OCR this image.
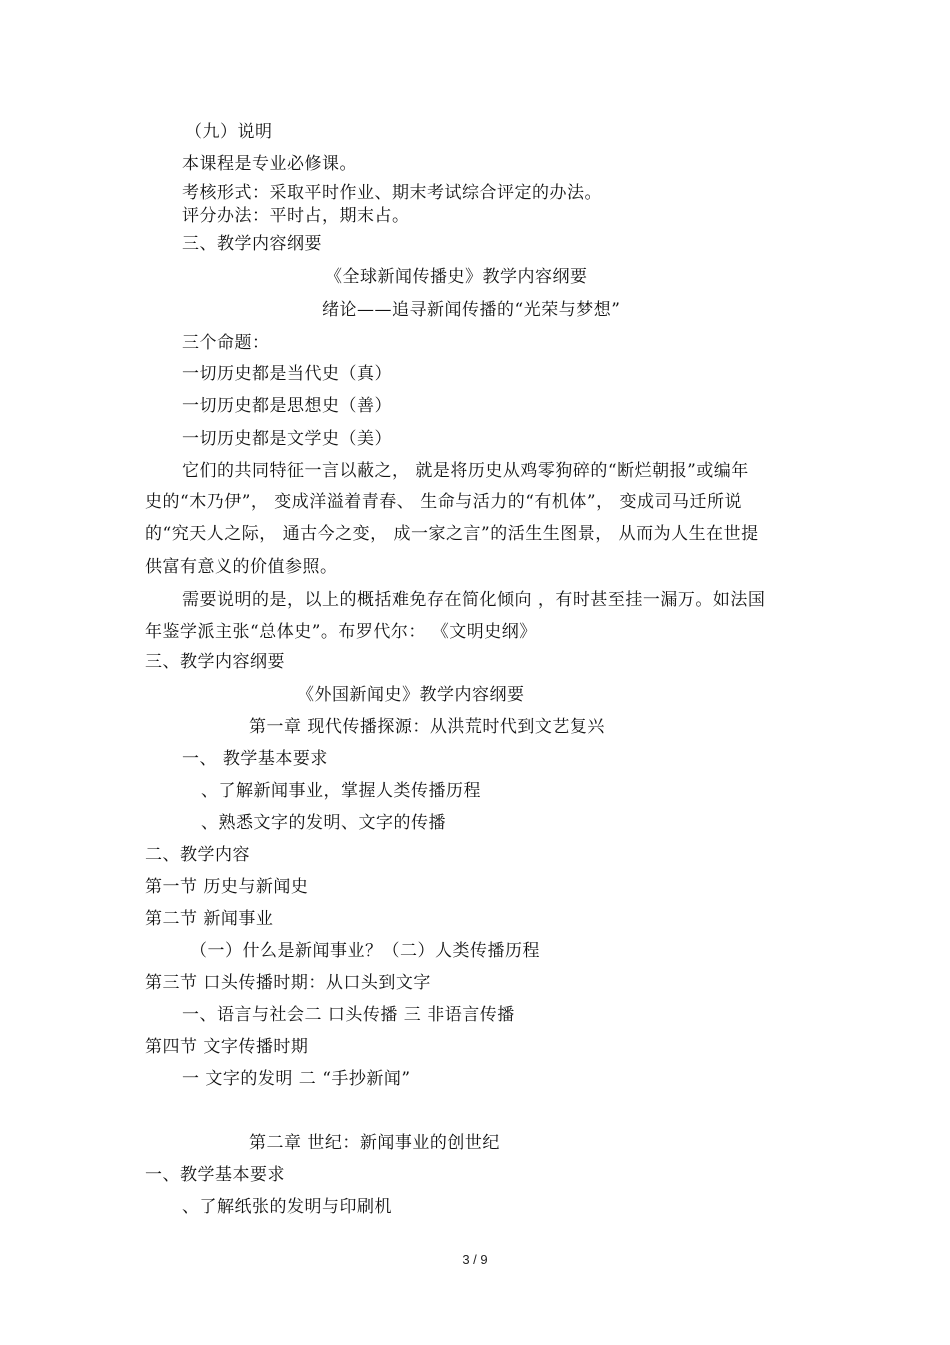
（九）说明
本课程是专业必修课。
考核形式：采取平时作业、期末考试综合评定的办法。
评分办法：平时占，期末占。
三、教学内容纲要
《全球新闻传播史》教学内容纲要
绪论——追寻新闻传播的“光荣与梦想”
三个命题：
一切历史都是当代史（真）
一切历史都是思想史（善）
一切历史都是文学史（美）
它们的共同特征一言以蔽之， 就是将历史从鸡零狗碎的“断烂朝报”或编年
史的“木乃伊”， 变成洋溢着青春、 生命与活力的“有机体”， 变成司马迁所说
的“究天人之际， 通古今之变， 成一家之言”的活生生图景， 从而为人生在世提
供富有意义的价值参照。
需要说明的是，以上的概括难免存在简化倾向 ，有时甚至挂一漏万。如法国
年鉴学派主张“总体史”。布罗代尔： 《文明史纲》
三、教学内容纲要
《外国新闻史》教学内容纲要
第一章 现代传播探源：从洪荒时代到文艺复兴
一、 教学基本要求
、了解新闻事业，掌握人类传播历程
、熟悉文字的发明、文字的传播
二、教学内容
第一节 历史与新闻史
第二节 新闻事业
（一）什么是新闻事业？（二）人类传播历程
第三节 口头传播时期：从口头到文字
一、语言与社会二 口头传播 三 非语言传播
第四节 文字传播时期
一 文字的发明 二 “手抄新闻”
第二章 世纪：新闻事业的创世纪
一、教学基本要求
、了解纸张的发明与印刷机
3 / 9
